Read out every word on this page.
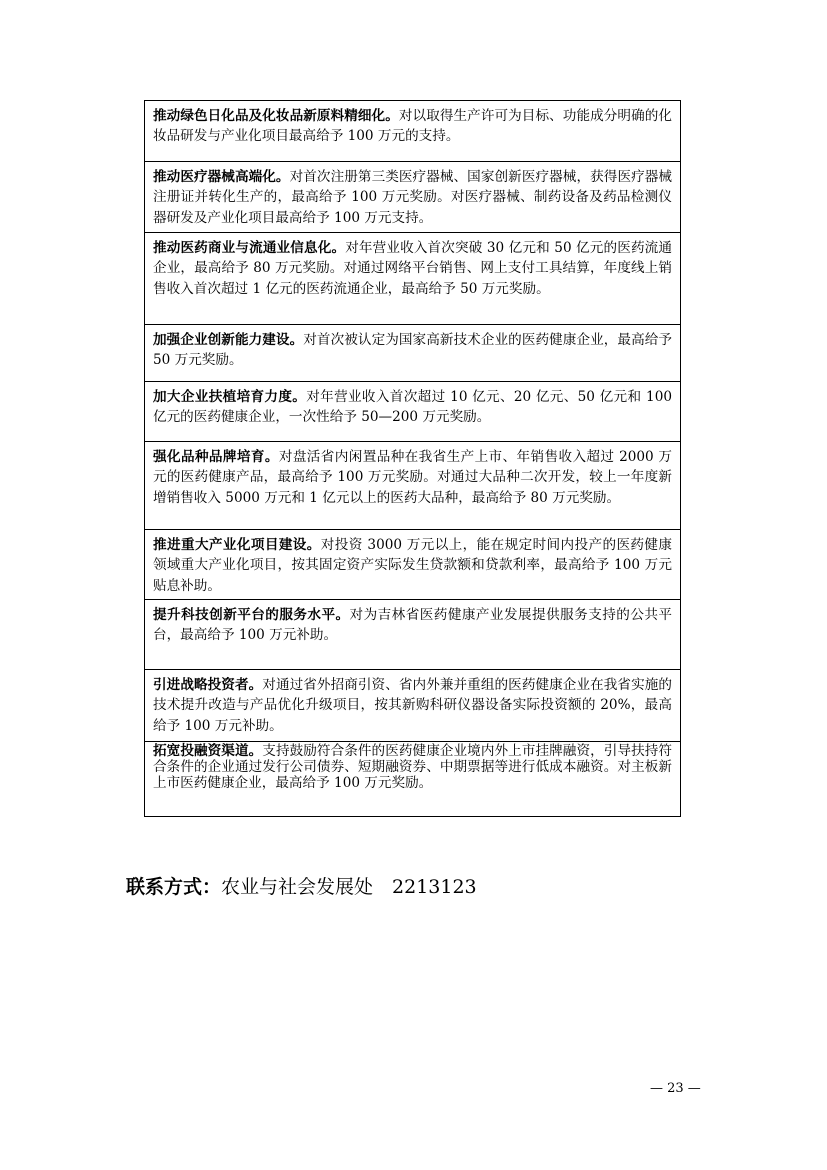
推动绿色日化品及化妆品新原料精细化。对以取得生产许可为目标、功能成分明确的化妆品研发与产业化项目最高给予 100 万元的支持。
推动医疗器械高端化。对首次注册第三类医疗器械、国家创新医疗器械，获得医疗器械注册证并转化生产的，最高给予 100 万元奖励。对医疗器械、制药设备及药品检测仪器研发及产业化项目最高给予 100 万元支持。
推动医药商业与流通业信息化。对年营业收入首次突破 30 亿元和 50 亿元的医药流通企业，最高给予 80 万元奖励。对通过网络平台销售、网上支付工具结算，年度线上销售收入首次超过 1 亿元的医药流通企业，最高给予 50 万元奖励。
加强企业创新能力建设。对首次被认定为国家高新技术企业的医药健康企业，最高给予 50 万元奖励。
加大企业扶植培育力度。对年营业收入首次超过 10 亿元、20 亿元、50 亿元和 100 亿元的医药健康企业，一次性给予 50—200 万元奖励。
强化品种品牌培育。对盘活省内闲置品种在我省生产上市、年销售收入超过 2000 万元的医药健康产品，最高给予 100 万元奖励。对通过大品种二次开发，较上一年度新增销售收入 5000 万元和 1 亿元以上的医药大品种，最高给予 80 万元奖励。
推进重大产业化项目建设。对投资 3000 万元以上，能在规定时间内投产的医药健康领域重大产业化项目，按其固定资产实际发生贷款额和贷款利率，最高给予 100 万元贴息补助。
提升科技创新平台的服务水平。对为吉林省医药健康产业发展提供服务支持的公共平台，最高给予 100 万元补助。
引进战略投资者。对通过省外招商引资、省内外兼并重组的医药健康企业在我省实施的技术提升改造与产品优化升级项目，按其新购科研仪器设备实际投资额的 20%，最高给予 100 万元补助。
拓宽投融资渠道。支持鼓励符合条件的医药健康企业境内外上市挂牌融资，引导扶持符合条件的企业通过发行公司债券、短期融资券、中期票据等进行低成本融资。对主板新上市医药健康企业，最高给予 100 万元奖励。
联系方式：农业与社会发展处　2213123
— 23 —
